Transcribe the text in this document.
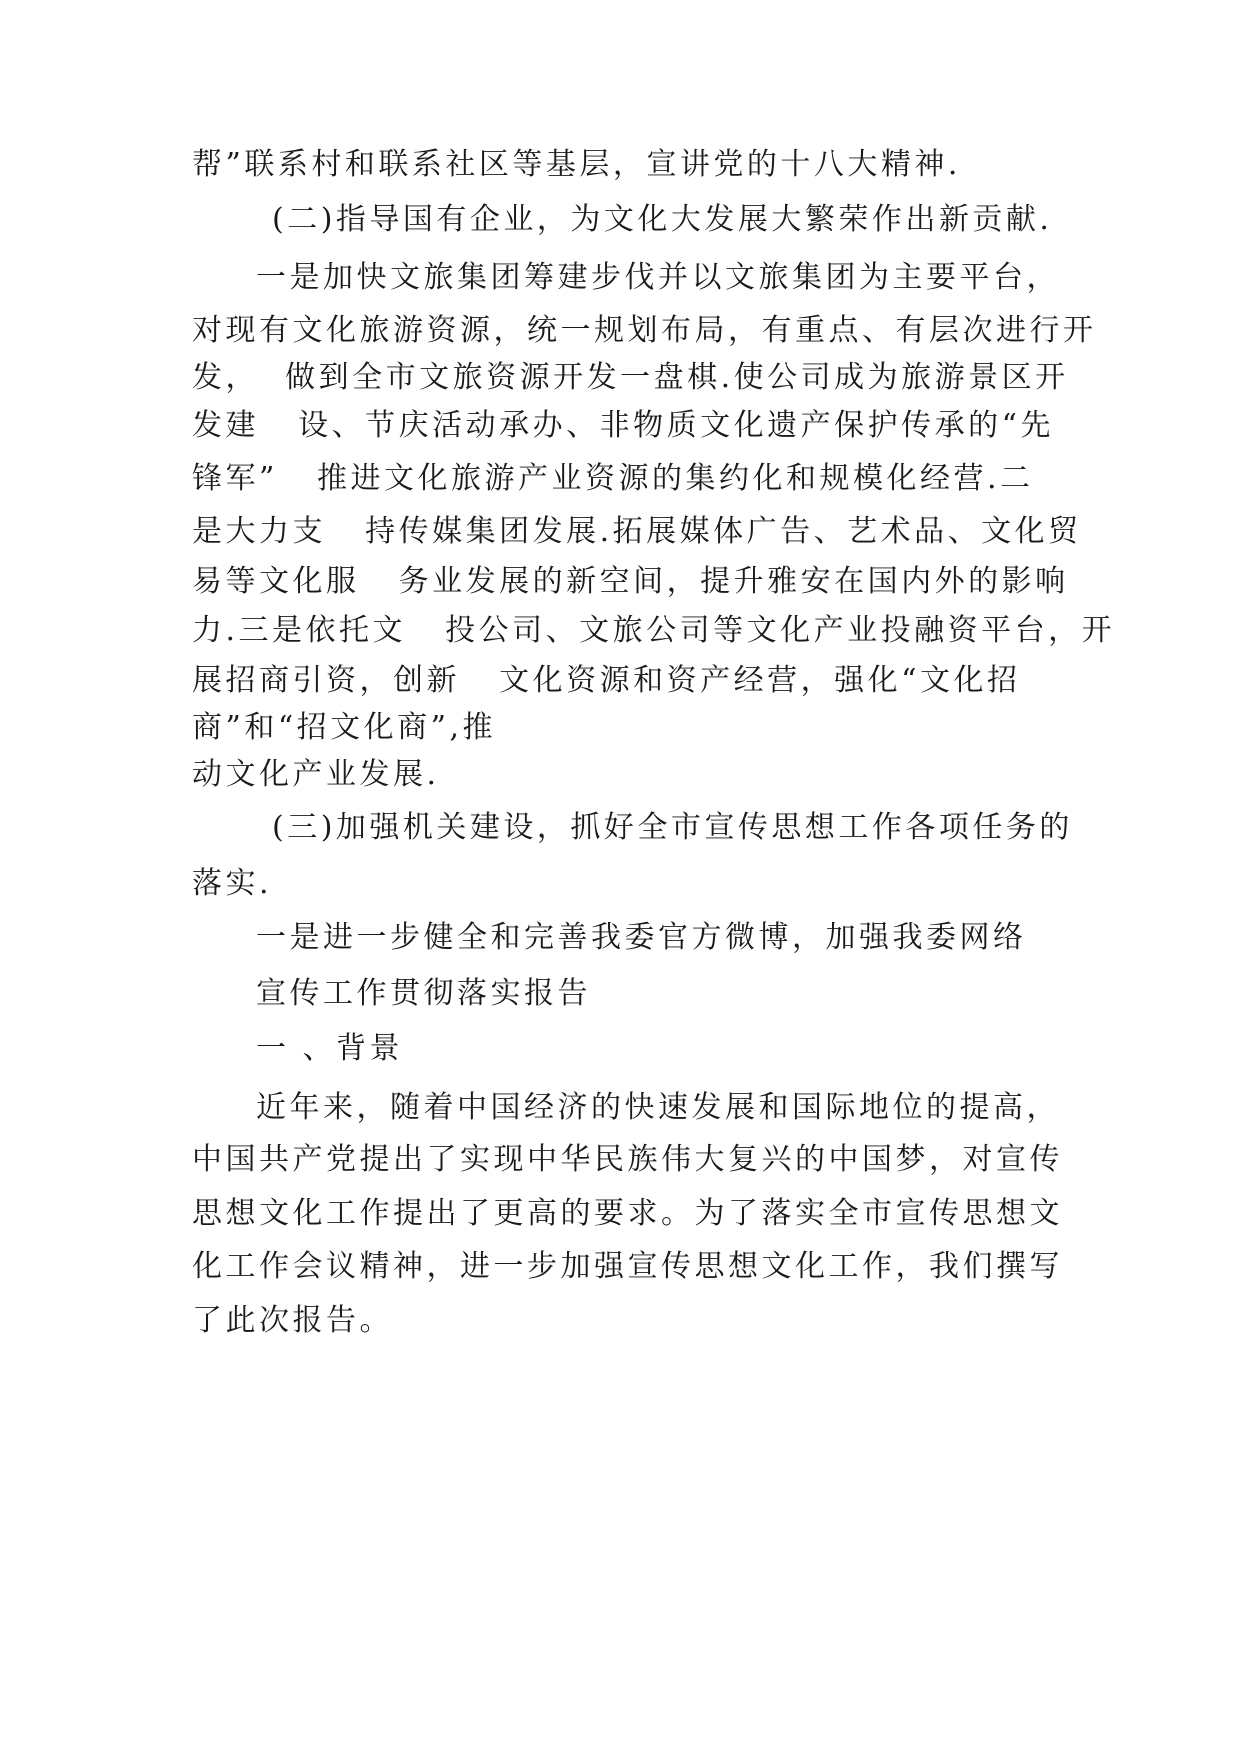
帮”联系村和联系社区等基层，宣讲党的十八大精神.
(二)指导国有企业，为文化大发展大繁荣作出新贡献.
一是加快文旅集团筹建步伐并以文旅集团为主要平台，
对现有文化旅游资源，统一规划布局，有重点、有层次进行开
发，  做到全市文旅资源开发一盘棋.使公司成为旅游景区开
发建   设、节庆活动承办、非物质文化遗产保护传承的“先
锋军”   推进文化旅游产业资源的集约化和规模化经营.二
是大力支   持传媒集团发展.拓展媒体广告、艺术品、文化贸
易等文化服   务业发展的新空间，提升雅安在国内外的影响
力.三是依托文   投公司、文旅公司等文化产业投融资平台，开
展招商引资，创新   文化资源和资产经营，强化“文化招
商”和“招文化商”,推
动文化产业发展.
(三)加强机关建设，抓好全市宣传思想工作各项任务的
落实.
一是进一步健全和完善我委官方微博，加强我委网络
宣传工作贯彻落实报告
一 、背景
近年来，随着中国经济的快速发展和国际地位的提高，
中国共产党提出了实现中华民族伟大复兴的中国梦，对宣传
思想文化工作提出了更高的要求。为了落实全市宣传思想文
化工作会议精神，进一步加强宣传思想文化工作，我们撰写
了此次报告。
